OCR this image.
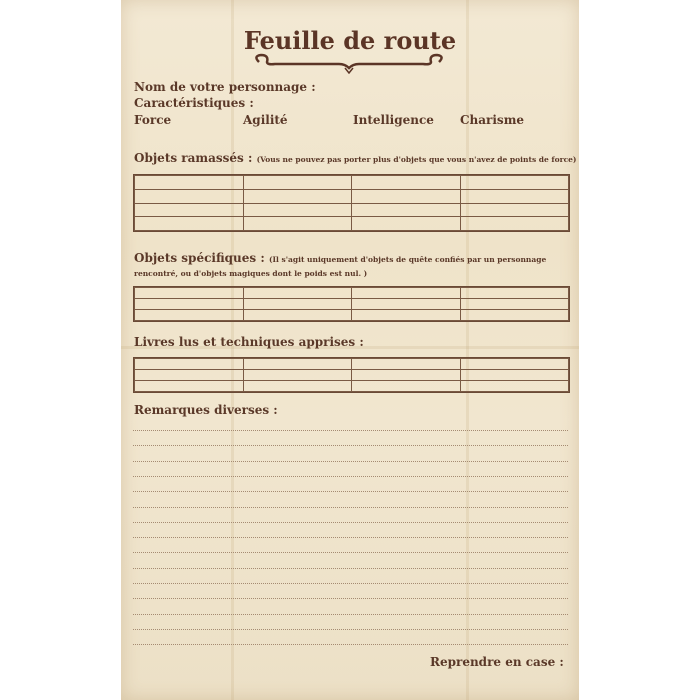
Feuille de route
Nom de votre personnage :
Caractéristiques :
Force	Agilité	Intelligence Charisme
Objets ramassés : (Vous ne pouvez pas porter plus d'objets que vous n'avez de points de force)

Objets spécifiques : (Il s'agit uniquement d'objets de quête confiés par un personnage rencontré, ou d'objets magiques dont le poids est nul. )

Livres lus et techniques apprises :

Remarques diverses :
Reprendre en case :
